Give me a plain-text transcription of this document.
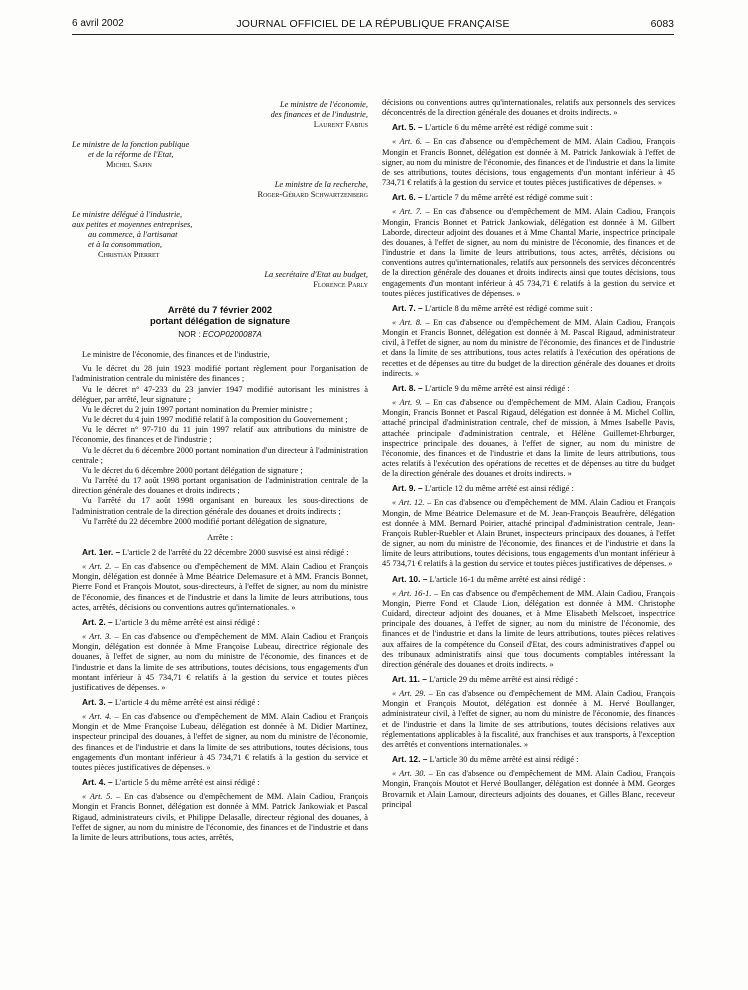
6 avril 2002	JOURNAL OFFICIEL DE LA RÉPUBLIQUE FRANÇAISE	6083
Le ministre de l'économie,
des finances et de l'industrie,
Laurent Fabius
Le ministre de la fonction publique
et de la réforme de l'Etat,
Michel Sapin
Le ministre de la recherche,
Roger-Gérard Schwartzenberg
Le ministre délégué à l'industrie,
aux petites et moyennes entreprises,
au commerce, à l'artisanat
et à la consommation,
Christian Pierret
La secrétaire d'Etat au budget,
Florence Parly
Arrêté du 7 février 2002
portant délégation de signature
NOR : ECOP0200087A

Le ministre de l'économie, des finances et de l'industrie,

Vu le décret du 28 juin 1923 modifié portant règlement pour l'organisation de l'administration centrale du ministère des finances ;

Vu le décret n° 47-233 du 23 janvier 1947 modifié autorisant les ministres à déléguer, par arrêté, leur signature ;

Vu le décret du 2 juin 1997 portant nomination du Premier ministre ;

Vu le décret du 4 juin 1997 modifié relatif à la composition du Gouvernement ;

Vu le décret n° 97-710 du 11 juin 1997 relatif aux attributions du ministre de l'économie, des finances et de l'industrie ;

Vu le décret du 6 décembre 2000 portant nomination d'un directeur à l'administration centrale ;

Vu le décret du 6 décembre 2000 portant délégation de signature ;

Vu l'arrêté du 17 août 1998 portant organisation de l'administration centrale de la direction générale des douanes et droits indirects ;

Vu l'arrêté du 17 août 1998 organisant en bureaux les sous-directions de l'administration centrale de la direction générale des douanes et droits indirects ;

Vu l'arrêté du 22 décembre 2000 modifié portant délégation de signature,

Arrête :

Art. 1er. – L'article 2 de l'arrêté du 22 décembre 2000 susvisé est ainsi rédigé :

« Art. 2. – En cas d'absence ou d'empêchement de MM. Alain Cadiou et François Mongin, délégation est donnée à Mme Béatrice Delemasure et à MM. Francis Bonnet, Pierre Fond et François Moutot, sous-directeurs, à l'effet de signer, au nom du ministre de l'économie, des finances et de l'industrie et dans la limite de leurs attributions, tous actes, arrêtés, décisions ou conventions autres qu'internationales. »

Art. 2. – L'article 3 du même arrêté est ainsi rédigé :

« Art. 3. – En cas d'absence ou d'empêchement de MM. Alain Cadiou et François Mongin, délégation est donnée à Mme Françoise Lubeau, directrice régionale des douanes, à l'effet de signer, au nom du ministre de l'économie, des finances et de l'industrie et dans la limite de ses attributions, toutes décisions, tous engagements d'un montant inférieur à 45 734,71 € relatifs à la gestion du service et toutes pièces justificatives de dépenses. »

Art. 3. – L'article 4 du même arrêté est ainsi rédigé :

« Art. 4. – En cas d'absence ou d'empêchement de MM. Alain Cadiou et François Mongin et de Mme Françoise Lubeau, délégation est donnée à M. Didier Martinez, inspecteur principal des douanes, à l'effet de signer, au nom du ministre de l'économie, des finances et de l'industrie et dans la limite de ses attributions, toutes décisions, tous engagements d'un montant inférieur à 45 734,71 € relatifs à la gestion du service et toutes pièces justificatives de dépenses. »

Art. 4. – L'article 5 du même arrêté est ainsi rédigé :

« Art. 5. – En cas d'absence ou d'empêchement de MM. Alain Cadiou, François Mongin et Francis Bonnet, délégation est donnée à MM. Patrick Jankowiak et Pascal Rigaud, administrateurs civils, et Philippe Delasalle, directeur régional des douanes, à l'effet de signer, au nom du ministre de l'économie, des finances et de l'industrie et dans la limite de leurs attributions, tous actes, arrêtés,

décisions ou conventions autres qu'internationales, relatifs aux personnels des services déconcentrés de la direction générale des douanes et droits indirects. »

Art. 5. – L'article 6 du même arrêté est rédigé comme suit :

« Art. 6. – En cas d'absence ou d'empêchement de MM. Alain Cadiou, François Mongin et Francis Bonnet, délégation est donnée à M. Patrick Jankowiak à l'effet de signer, au nom du ministre de l'économie, des finances et de l'industrie et dans la limite de ses attributions, toutes décisions, tous engagements d'un montant inférieur à 45 734,71 € relatifs à la gestion du service et toutes pièces justificatives de dépenses. »

Art. 6. – L'article 7 du même arrêté est rédigé comme suit :

« Art. 7. – En cas d'absence ou d'empêchement de MM. Alain Cadiou, François Mongin, Francis Bonnet et Patrick Jankowiak, délégation est donnée à M. Gilbert Laborde, directeur adjoint des douanes et à Mme Chantal Marie, inspectrice principale des douanes, à l'effet de signer, au nom du ministre de l'économie, des finances et de l'industrie et dans la limite de leurs attributions, tous actes, arrêtés, décisions ou conventions autres qu'internationales, relatifs aux personnels des services déconcentrés de la direction générale des douanes et droits indirects ainsi que toutes décisions, tous engagements d'un montant inférieur à 45 734,71 € relatifs à la gestion du service et toutes pièces justificatives de dépenses. »

Art. 7. – L'article 8 du même arrêté est rédigé comme suit :

« Art. 8. – En cas d'absence ou d'empêchement de MM. Alain Cadiou, François Mongin et Francis Bonnet, délégation est donnée à M. Pascal Rigaud, administrateur civil, à l'effet de signer, au nom du ministre de l'économie, des finances et de l'industrie et dans la limite de ses attributions, tous actes relatifs à l'exécution des opérations de recettes et de dépenses au titre du budget de la direction générale des douanes et droits indirects. »

Art. 8. – L'article 9 du même arrêté est ainsi rédigé :

« Art. 9. – En cas d'absence ou d'empêchement de MM. Alain Cadiou, François Mongin, Francis Bonnet et Pascal Rigaud, délégation est donnée à M. Michel Collin, attaché principal d'administration centrale, chef de mission, à Mmes Isabelle Pavis, attachée principale d'administration centrale, et Hélène Guillemet-Ehrburger, inspectrice principale des douanes, à l'effet de signer, au nom du ministre de l'économie, des finances et de l'industrie et dans la limite de leurs attributions, tous actes relatifs à l'exécution des opérations de recettes et de dépenses au titre du budget de la direction générale des douanes et droits indirects. »

Art. 9. – L'article 12 du même arrêté est ainsi rédigé :

« Art. 12. – En cas d'absence ou d'empêchement de MM. Alain Cadiou et François Mongin, de Mme Béatrice Delemasure et de M. Jean-François Beaufrère, délégation est donnée à MM. Bernard Poirier, attaché principal d'administration centrale, Jean-François Rubler-Ruebler et Alain Brunet, inspecteurs principaux des douanes, à l'effet de signer, au nom du ministre de l'économie, des finances et de l'industrie et dans la limite de leurs attributions, toutes décisions, tous engagements d'un montant inférieur à 45 734,71 € relatifs à la gestion du service et toutes pièces justificatives de dépenses. »

Art. 10. – L'article 16-1 du même arrêté est ainsi rédigé :

« Art. 16-1. – En cas d'absence ou d'empêchement de MM. Alain Cadiou, François Mongin, Pierre Fond et Claude Lion, délégation est donnée à MM. Christophe Cuidard, directeur adjoint des douanes, et à Mme Elisabeth Melscoet, inspectrice principale des douanes, à l'effet de signer, au nom du ministre de l'économie, des finances et de l'industrie et dans la limite de leurs attributions, toutes pièces relatives aux affaires de la compétence du Conseil d'Etat, des cours administratives d'appel ou des tribunaux administratifs ainsi que tous documents comptables intéressant la direction générale des douanes et droits indirects. »

Art. 11. – L'article 29 du même arrêté est ainsi rédigé :

« Art. 29. – En cas d'absence ou d'empêchement de MM. Alain Cadiou, François Mongin et François Moutot, délégation est donnée à M. Hervé Boullanger, administrateur civil, à l'effet de signer, au nom du ministre de l'économie, des finances et de l'industrie et dans la limite de ses attributions, toutes décisions relatives aux réglementations applicables à la fiscalité, aux franchises et aux transports, à l'exception des arrêtés et conventions internationales. »

Art. 12. – L'article 30 du même arrêté est ainsi rédigé :

« Art. 30. – En cas d'absence ou d'empêchement de MM. Alain Cadiou, François Mongin, François Moutot et Hervé Boullanger, délégation est donnée à MM. Georges Brovarnik et Alain Lamour, directeurs adjoints des douanes, et Gilles Blanc, receveur principal
